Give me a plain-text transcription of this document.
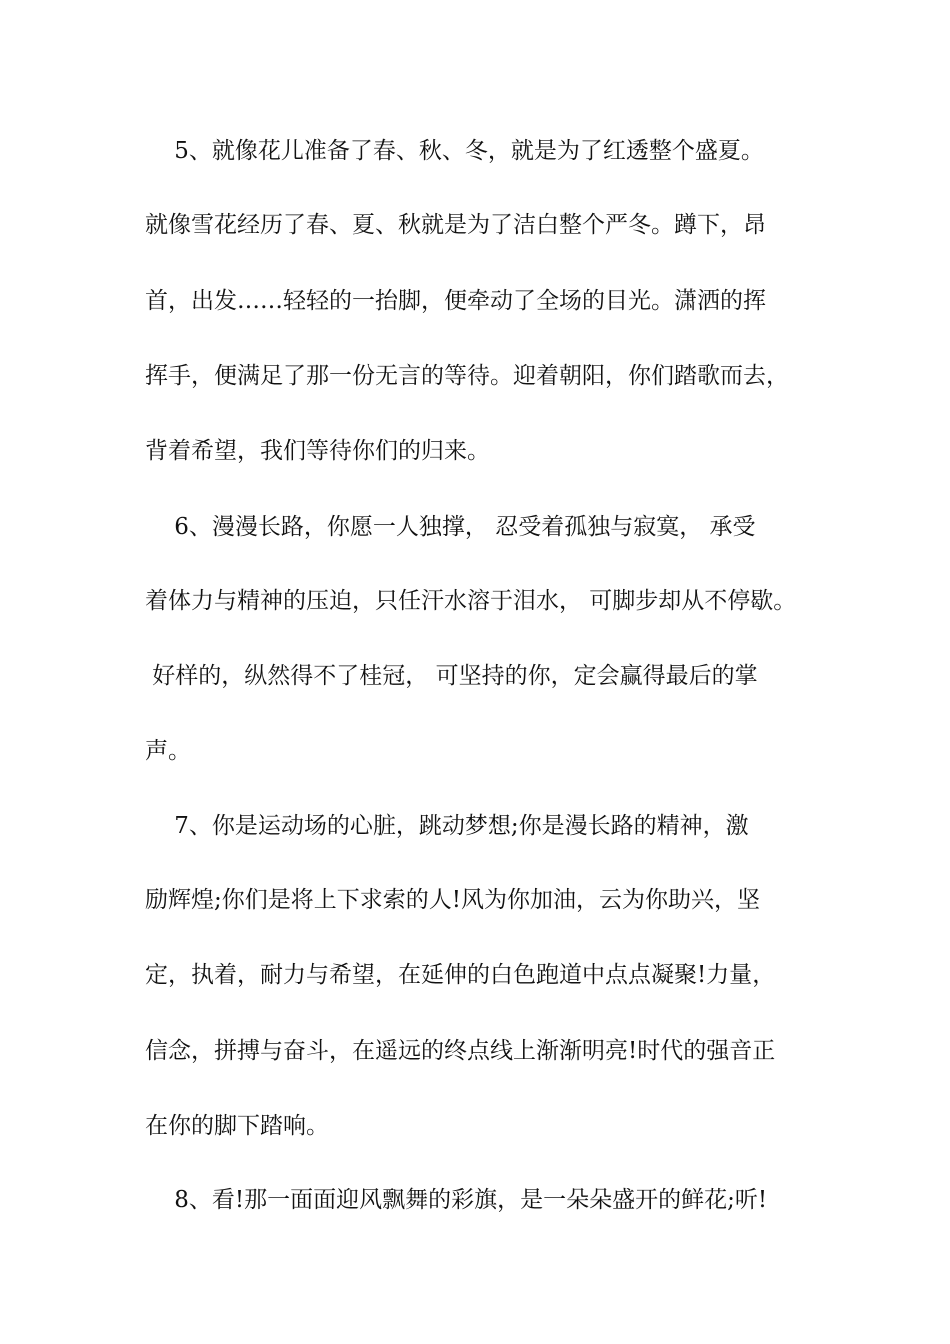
5、就像花儿准备了春、秋、冬，就是为了红透整个盛夏。
就像雪花经历了春、夏、秋就是为了洁白整个严冬。蹲下，昂
首，出发……轻轻的一抬脚，便牵动了全场的目光。潇洒的挥
挥手，便满足了那一份无言的等待。迎着朝阳，你们踏歌而去，
背着希望，我们等待你们的归来。
6、漫漫长路，你愿一人独撑， 忍受着孤独与寂寞， 承受
着体力与精神的压迫，只任汗水溶于泪水， 可脚步却从不停歇。
好样的，纵然得不了桂冠， 可坚持的你，定会赢得最后的掌
声。
7、你是运动场的心脏，跳动梦想;你是漫长路的精神，激
励辉煌;你们是将上下求索的人!风为你加油，云为你助兴，坚
定，执着，耐力与希望，在延伸的白色跑道中点点凝聚!力量，
信念，拼搏与奋斗，在遥远的终点线上渐渐明亮!时代的强音正
在你的脚下踏响。
8、看!那一面面迎风飘舞的彩旗，是一朵朵盛开的鲜花;听!
